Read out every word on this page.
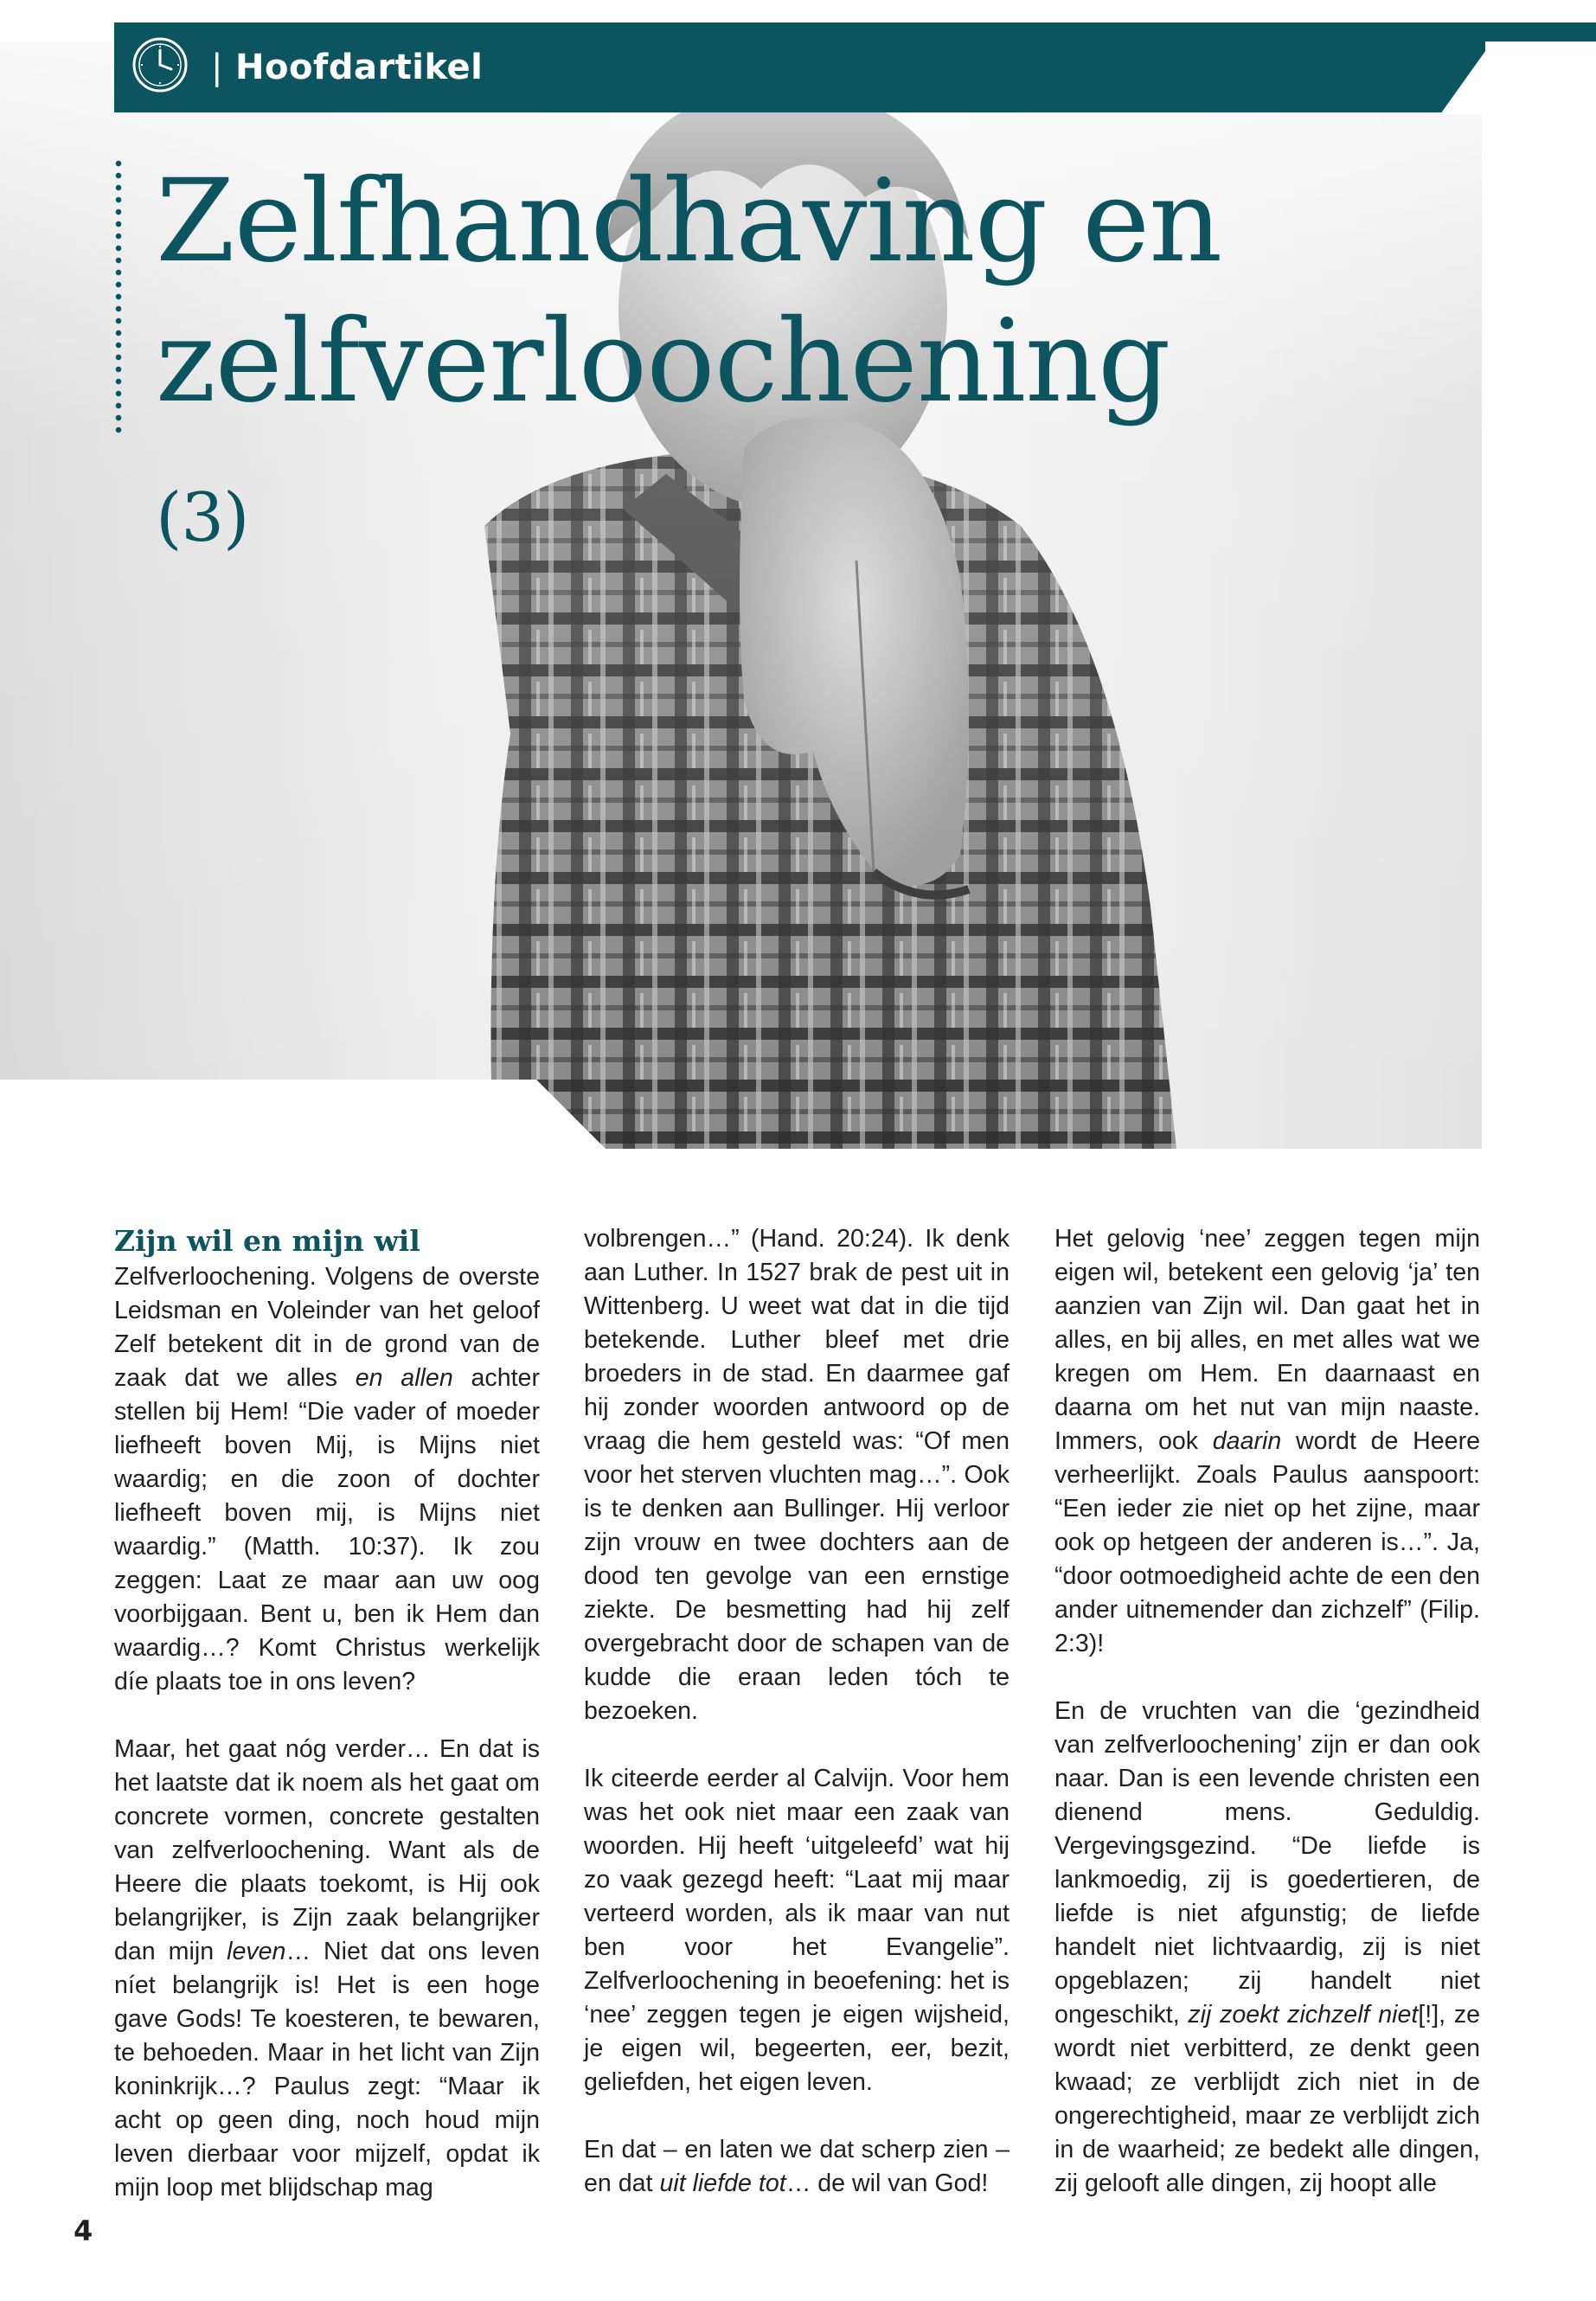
| Hoofdartikel
Zelfhandhaving en
zelfverloochening (3)
Zijn wil en mijn wil

Zelfverloochening. Volgens de overste Leidsman en Voleinder van het geloof Zelf betekent dit in de grond van de zaak dat we alles en allen achter stellen bij Hem! “Die vader of moeder liefheeft boven Mij, is Mijns niet waardig; en die zoon of dochter liefheeft boven mij, is Mijns niet waardig.” (Matth. 10:37). Ik zou zeggen: Laat ze maar aan uw oog voorbijgaan. Bent u, ben ik Hem dan waardig…? Komt Christus werkelijk díe plaats toe in ons leven?

Maar, het gaat nóg verder… En dat is het laatste dat ik noem als het gaat om concrete vormen, concrete gestalten van zelfverloochening. Want als de Heere die plaats toekomt, is Hij ook belangrijker, is Zijn zaak belangrijker dan mijn leven… Niet dat ons leven níet belangrijk is! Het is een hoge gave Gods! Te koesteren, te bewaren, te behoeden. Maar in het licht van Zijn koninkrijk…? Paulus zegt: “Maar ik acht op geen ding, noch houd mijn leven dierbaar voor mijzelf, opdat ik mijn loop met blijdschap mag

volbrengen…” (Hand. 20:24). Ik denk aan Luther. In 1527 brak de pest uit in Wittenberg. U weet wat dat in die tijd betekende. Luther bleef met drie broeders in de stad. En daarmee gaf hij zonder woorden antwoord op de vraag die hem gesteld was: “Of men voor het sterven vluchten mag…”. Ook is te denken aan Bullinger. Hij verloor zijn vrouw en twee dochters aan de dood ten gevolge van een ernstige ziekte. De besmetting had hij zelf overgebracht door de schapen van de kudde die eraan leden tóch te bezoeken.

Ik citeerde eerder al Calvijn. Voor hem was het ook niet maar een zaak van woorden. Hij heeft ‘uitgeleefd’ wat hij zo vaak gezegd heeft: “Laat mij maar verteerd worden, als ik maar van nut ben voor het Evangelie”. Zelfverloochening in beoefening: het is ‘nee’ zeggen tegen je eigen wijsheid, je eigen wil, begeerten, eer, bezit, geliefden, het eigen leven.

En dat – en laten we dat scherp zien – en dat uit liefde tot… de wil van God!

Het gelovig ‘nee’ zeggen tegen mijn eigen wil, betekent een gelovig ‘ja’ ten aanzien van Zijn wil. Dan gaat het in alles, en bij alles, en met alles wat we kregen om Hem. En daarnaast en daarna om het nut van mijn naaste. Immers, ook daarin wordt de Heere verheerlijkt. Zoals Paulus aanspoort: “Een ieder zie niet op het zijne, maar ook op hetgeen der anderen is…”. Ja, “door ootmoedigheid achte de een den ander uitnemender dan zichzelf” (Filip. 2:3)!

En de vruchten van die ‘gezindheid van zelfverloochening’ zijn er dan ook naar. Dan is een levende christen een dienend mens. Geduldig. Vergevingsgezind. “De liefde is lankmoedig, zij is goedertieren, de liefde is niet afgunstig; de liefde handelt niet lichtvaardig, zij is niet opgeblazen; zij handelt niet ongeschikt, zij zoekt zichzelf niet[!], ze wordt niet verbitterd, ze denkt geen kwaad; ze verblijdt zich niet in de ongerechtigheid, maar ze verblijdt zich in de waarheid; ze bedekt alle dingen, zij gelooft alle dingen, zij hoopt alle

4
